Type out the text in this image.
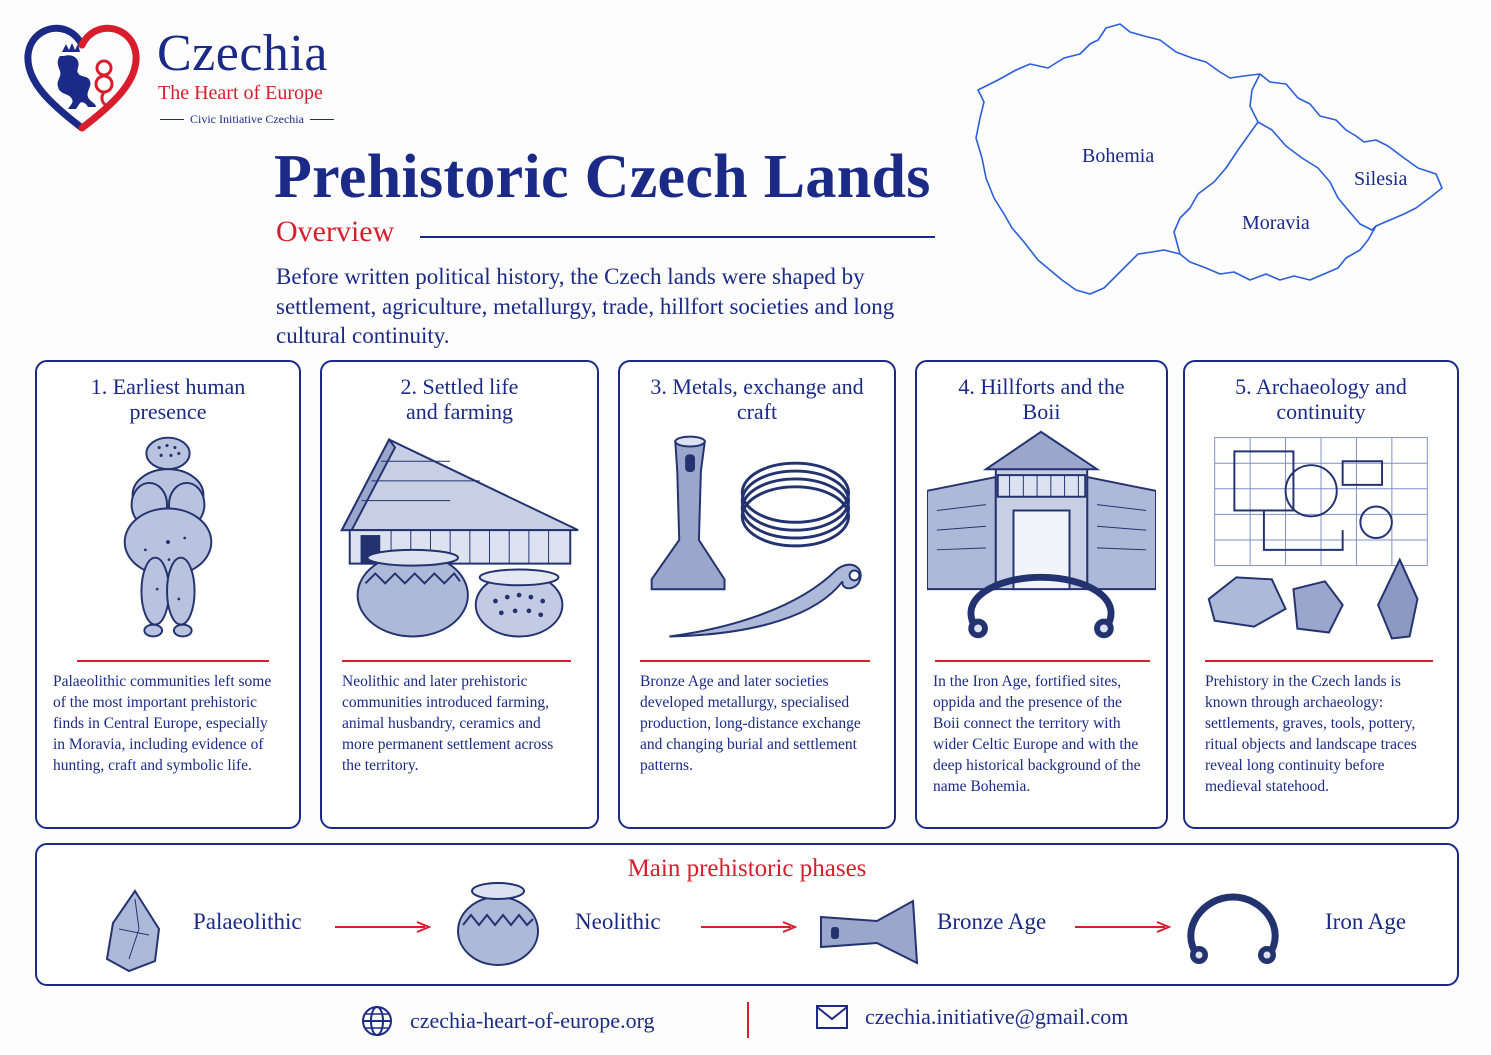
Czechia
The Heart of Europe
Civic Initiative Czechia
Prehistoric Czech Lands
Overview
Before written political history, the Czech lands were shaped by settlement, agriculture, metallurgy, trade, hillfort societies and long cultural continuity.
Bohemia
Moravia
Silesia
1. Earliest human presence
Palaeolithic communities left some of the most important prehistoric finds in Central Europe, especially in Moravia, including evidence of hunting, craft and symbolic life.
2. Settled life and farming
Neolithic and later prehistoric communities introduced farming, animal husbandry, ceramics and more permanent settlement across the territory.
3. Metals, exchange and craft
Bronze Age and later societies developed metallurgy, specialised production, long-distance exchange and changing burial and settlement patterns.
4. Hillforts and the Boii
In the Iron Age, fortified sites, oppida and the presence of the Boii connect the territory with wider Celtic Europe and with the deep historical background of the name Bohemia.
5. Archaeology and continuity
Prehistory in the Czech lands is known through archaeology: settlements, graves, tools, pottery, ritual objects and landscape traces reveal long continuity before medieval statehood.
Main prehistoric phases
Palaeolithic	Neolithic	Bronze Age	Iron Age
czechia-heart-of-europe.org	czechia.initiative@gmail.com
